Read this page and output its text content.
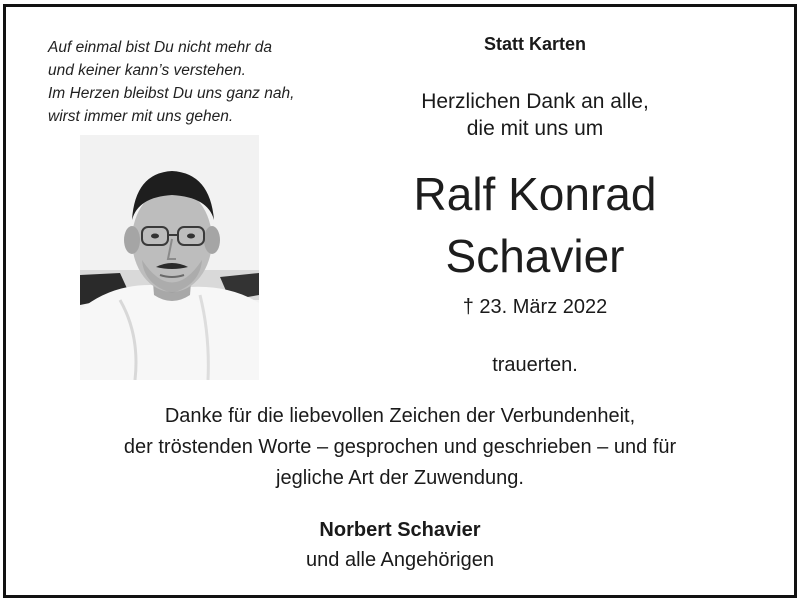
Auf einmal bist Du nicht mehr da
und keiner kann’s verstehen.
Im Herzen bleibst Du uns ganz nah,
wirst immer mit uns gehen.
Statt Karten
Herzlichen Dank an alle,
die mit uns um
Ralf Konrad
Schavier
† 23. März 2022
trauerten.
Danke für die liebevollen Zeichen der Verbundenheit,
der tröstenden Worte – gesprochen und geschrieben – und für
jegliche Art der Zuwendung.
Norbert Schavier
und alle Angehörigen
